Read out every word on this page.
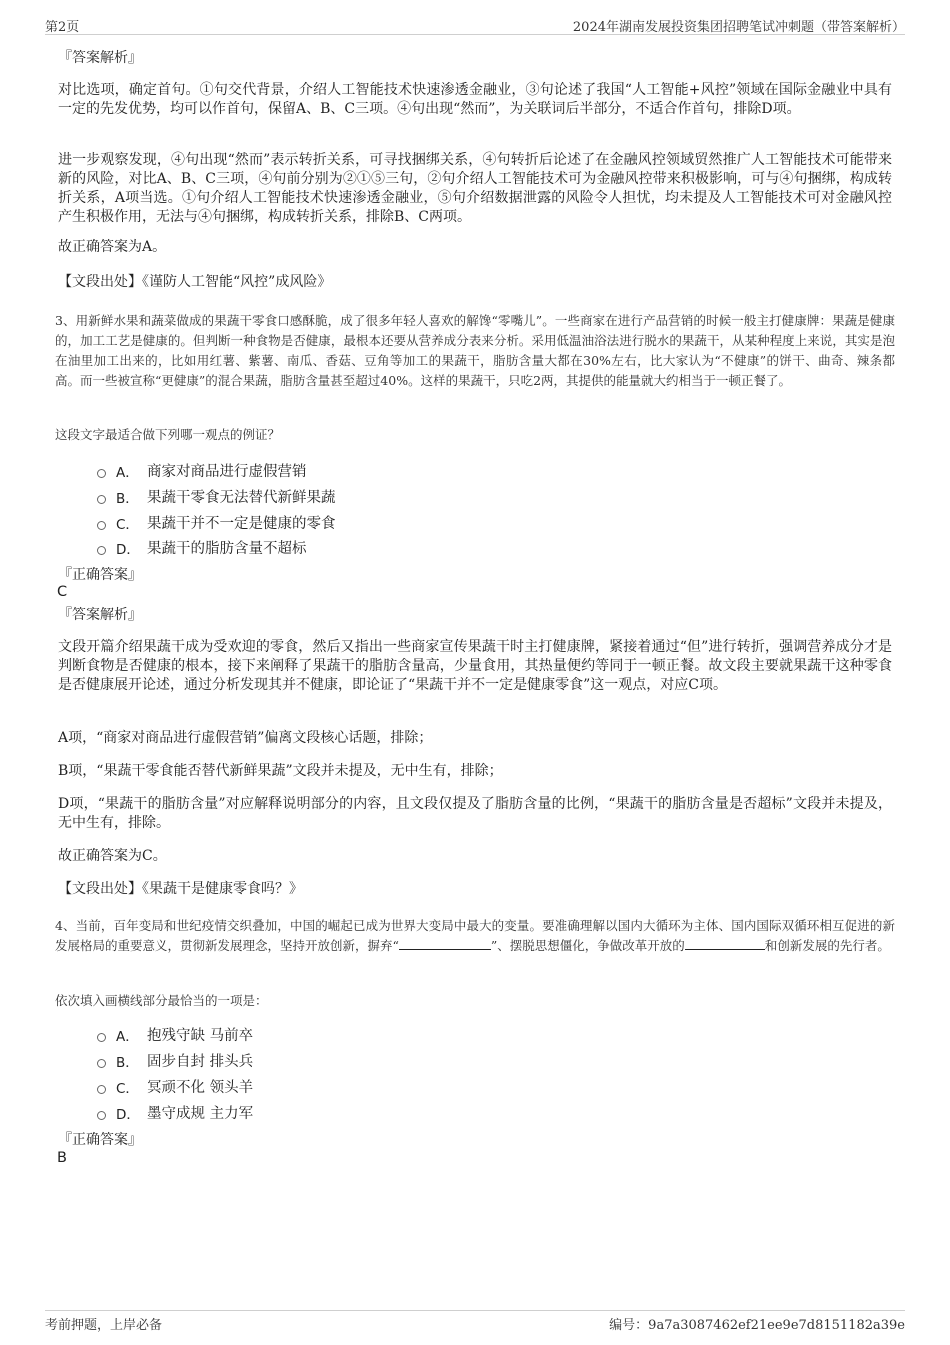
第2页	2024年湖南发展投资集团招聘笔试冲刺题（带答案解析）
『答案解析』
对比选项，确定首句。①句交代背景，介绍人工智能技术快速渗透金融业，③句论述了我国“人工智能+风控”领域在国际金融业中具有一定的先发优势，均可以作首句，保留A、B、C三项。④句出现“然而”，为关联词后半部分，不适合作首句，排除D项。
进一步观察发现，④句出现“然而”表示转折关系，可寻找捆绑关系，④句转折后论述了在金融风控领域贸然推广人工智能技术可能带来新的风险，对比A、B、C三项，④句前分别为②①⑤三句，②句介绍人工智能技术可为金融风控带来积极影响，可与④句捆绑，构成转折关系，A项当选。①句介绍人工智能技术快速渗透金融业，⑤句介绍数据泄露的风险令人担忧，均未提及人工智能技术可对金融风控产生积极作用，无法与④句捆绑，构成转折关系，排除B、C两项。
故正确答案为A。
【文段出处】《谨防人工智能“风控”成风险》
3、用新鲜水果和蔬菜做成的果蔬干零食口感酥脆，成了很多年轻人喜欢的解馋“零嘴儿”。一些商家在进行产品营销的时候一般主打健康牌：果蔬是健康的，加工工艺是健康的。但判断一种食物是否健康，最根本还要从营养成分表来分析。采用低温油浴法进行脱水的果蔬干，从某种程度上来说，其实是泡在油里加工出来的，比如用红薯、紫薯、南瓜、香菇、豆角等加工的果蔬干，脂肪含量大都在30%左右，比大家认为“不健康”的饼干、曲奇、辣条都高。而一些被宣称“更健康”的混合果蔬，脂肪含量甚至超过40%。这样的果蔬干，只吃2两，其提供的能量就大约相当于一顿正餐了。
这段文字最适合做下列哪一观点的例证？
A． 商家对商品进行虚假营销
B． 果蔬干零食无法替代新鲜果蔬
C． 果蔬干并不一定是健康的零食
D． 果蔬干的脂肪含量不超标
『正确答案』
C
『答案解析』
文段开篇介绍果蔬干成为受欢迎的零食，然后又指出一些商家宣传果蔬干时主打健康牌，紧接着通过“但”进行转折，强调营养成分才是判断食物是否健康的根本，接下来阐释了果蔬干的脂肪含量高，少量食用，其热量便约等同于一顿正餐。故文段主要就果蔬干这种零食是否健康展开论述，通过分析发现其并不健康，即论证了“果蔬干并不一定是健康零食”这一观点，对应C项。
A项，“商家对商品进行虚假营销”偏离文段核心话题，排除；
B项，“果蔬干零食能否替代新鲜果蔬”文段并未提及，无中生有，排除；
D项，“果蔬干的脂肪含量”对应解释说明部分的内容，且文段仅提及了脂肪含量的比例，“果蔬干的脂肪含量是否超标”文段并未提及，无中生有，排除。
故正确答案为C。
【文段出处】《果蔬干是健康零食吗？》
4、当前，百年变局和世纪疫情交织叠加，中国的崛起已成为世界大变局中最大的变量。要准确理解以国内大循环为主体、国内国际双循环相互促进的新发展格局的重要意义，贯彻新发展理念，坚持开放创新，摒弃“	”、摆脱思想僵化，争做改革开放的	和创新发展的先行者。
依次填入画横线部分最恰当的一项是：
A． 抱残守缺 马前卒
B． 固步自封 排头兵
C． 冥顽不化 领头羊
D． 墨守成规 主力军
『正确答案』
B
考前押题，上岸必备	编号：9a7a3087462ef21ee9e7d8151182a39e
